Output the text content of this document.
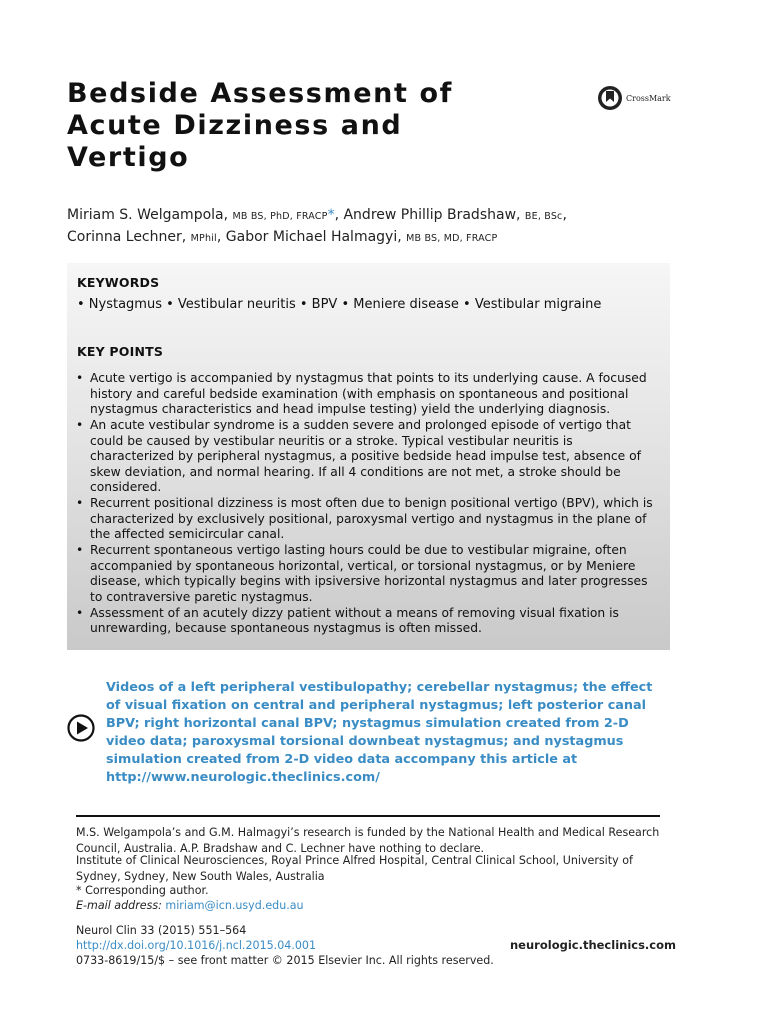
Bedside Assessment of
Acute Dizziness and
Vertigo
CrossMark
Miriam S. Welgampola, MB BS, PhD, FRACP*, Andrew Phillip Bradshaw, BE, BSc,
Corinna Lechner, MPhil, Gabor Michael Halmagyi, MB BS, MD, FRACP
KEYWORDS
• Nystagmus • Vestibular neuritis • BPV • Meniere disease • Vestibular migraine
KEY POINTS
• Acute vertigo is accompanied by nystagmus that points to its underlying cause. A focused history and careful bedside examination (with emphasis on spontaneous and positional nystagmus characteristics and head impulse testing) yield the underlying diagnosis.
• An acute vestibular syndrome is a sudden severe and prolonged episode of vertigo that could be caused by vestibular neuritis or a stroke. Typical vestibular neuritis is characterized by peripheral nystagmus, a positive bedside head impulse test, absence of skew deviation, and normal hearing. If all 4 conditions are not met, a stroke should be considered.
• Recurrent positional dizziness is most often due to benign positional vertigo (BPV), which is characterized by exclusively positional, paroxysmal vertigo and nystagmus in the plane of the affected semicircular canal.
• Recurrent spontaneous vertigo lasting hours could be due to vestibular migraine, often accompanied by spontaneous horizontal, vertical, or torsional nystagmus, or by Meniere disease, which typically begins with ipsiversive horizontal nystagmus and later progresses to contraversive paretic nystagmus.
• Assessment of an acutely dizzy patient without a means of removing visual fixation is unrewarding, because spontaneous nystagmus is often missed.
Videos of a left peripheral vestibulopathy; cerebellar nystagmus; the effect of visual fixation on central and peripheral nystagmus; left posterior canal BPV; right horizontal canal BPV; nystagmus simulation created from 2-D video data; paroxysmal torsional downbeat nystagmus; and nystagmus simulation created from 2-D video data accompany this article at http://www.neurologic.theclinics.com/
M.S. Welgampola’s and G.M. Halmagyi’s research is funded by the National Health and Medical Research Council, Australia. A.P. Bradshaw and C. Lechner have nothing to declare.
Institute of Clinical Neurosciences, Royal Prince Alfred Hospital, Central Clinical School, University of Sydney, Sydney, New South Wales, Australia
* Corresponding author.
E-mail address: miriam@icn.usyd.edu.au
Neurol Clin 33 (2015) 551–564
http://dx.doi.org/10.1016/j.ncl.2015.04.001	neurologic.theclinics.com
0733-8619/15/$ – see front matter © 2015 Elsevier Inc. All rights reserved.
